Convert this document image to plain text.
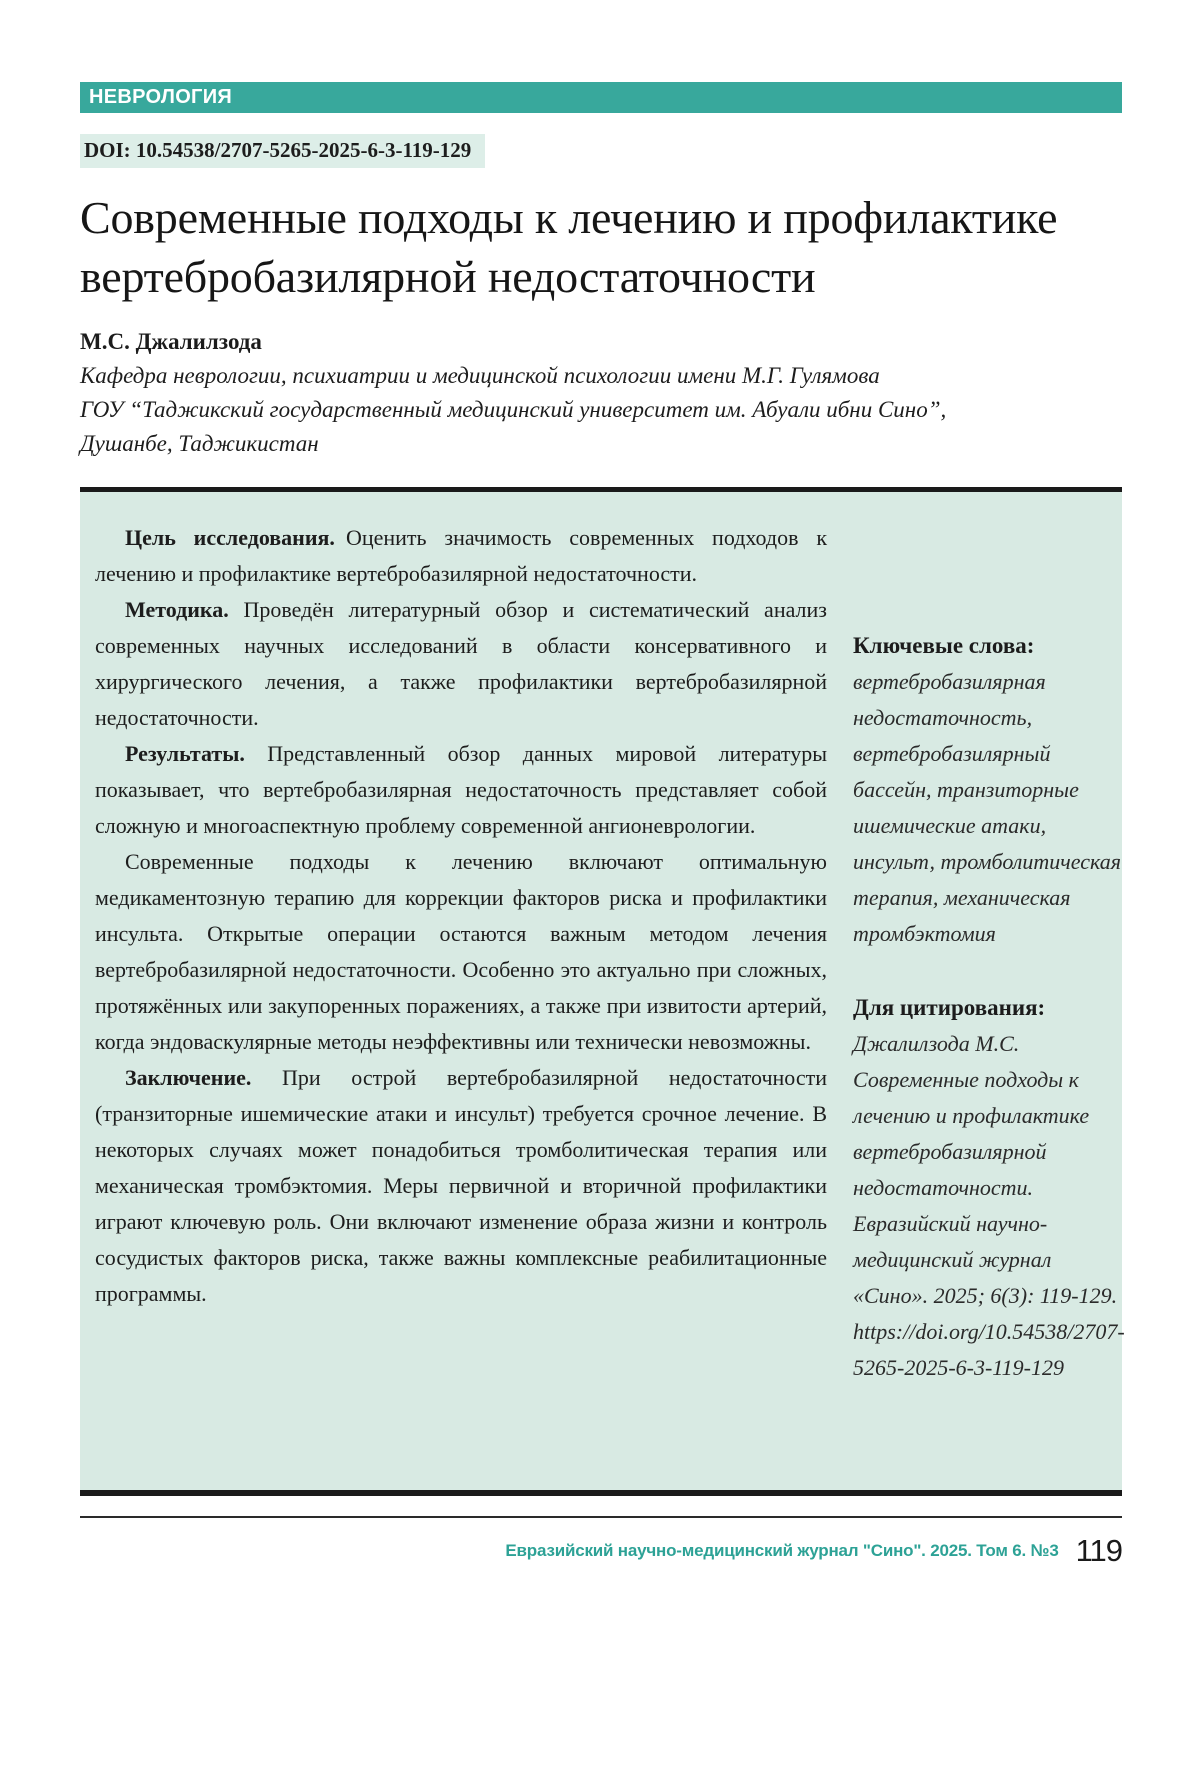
НЕВРОЛОГИЯ
DOI: 10.54538/2707-5265-2025-6-3-119-129
Современные подходы к лечению и профилактике вертебробазилярной недостаточности
М.С. Джалилзода
Кафедра неврологии, психиатрии и медицинской психологии имени М.Г. Гулямова
ГОУ “Таджикский государственный медицинский университет им. Абуали ибни Сино”,
Душанбе, Таджикистан

Цель исследования. Оценить значимость современных подходов к лечению и профилактике вертебробазилярной недостаточности.

Методика. Проведён литературный обзор и систематический анализ современных научных исследований в области консервативного и хирургического лечения, а также профилактики вертебробазилярной недостаточности.

Результаты. Представленный обзор данных мировой литературы показывает, что вертебробазилярная недостаточность представляет собой сложную и многоаспектную проблему современной ангионеврологии.

Современные подходы к лечению включают оптимальную медикаментозную терапию для коррекции факторов риска и профилактики инсульта. Открытые операции остаются важным методом лечения вертебробазилярной недостаточности. Особенно это актуально при сложных, протяжённых или закупоренных поражениях, а также при извитости артерий, когда эндоваскулярные методы неэффективны или технически невозможны.

Заключение. При острой вертебробазилярной недостаточности (транзиторные ишемические атаки и инсульт) требуется срочное лечение. В некоторых случаях может понадобиться тромболитическая терапия или механическая тромбэктомия. Меры первичной и вторичной профилактики играют ключевую роль. Они включают изменение образа жизни и контроль сосудистых факторов риска, также важны комплексные реабилитационные программы.

Ключевые слова:
вертебробазилярная недостаточность, вертебробазилярный бассейн, транзиторные ишемические атаки, инсульт, тромболитическая терапия, механическая тромбэктомия
Для цитирования:
Джалилзода М.С. Современные подходы к лечению и профилактике вертебробазилярной недостаточности. Евразийский научно-медицинский журнал «Сино». 2025; 6(3): 119-129. https://doi.org/10.54538/2707-5265-2025-6-3-119-129
Евразийский научно-медицинский журнал "Сино". 2025. Том 6. №3 119
